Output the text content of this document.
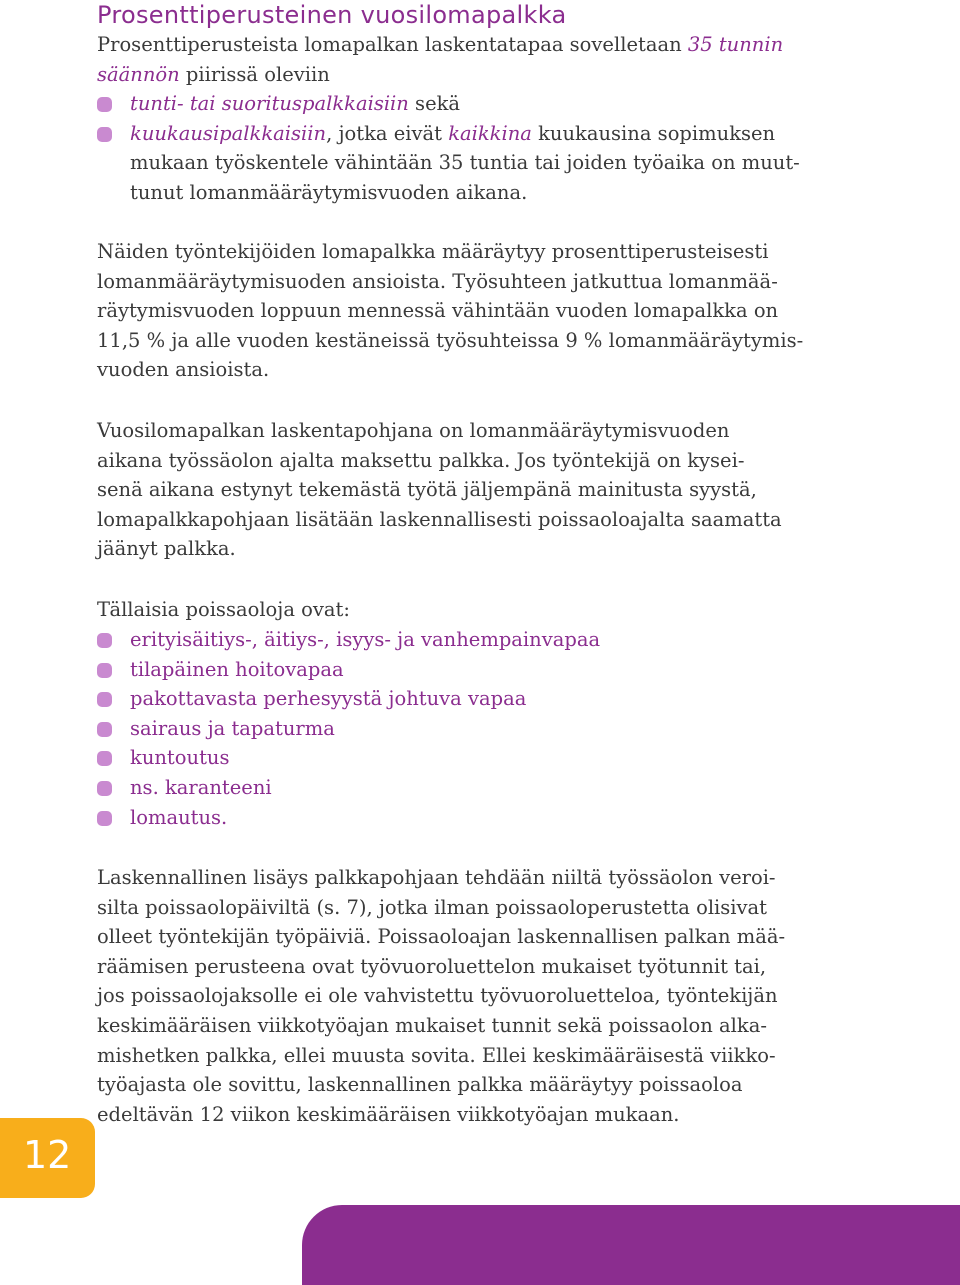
Prosenttiperusteinen vuosilomapalkka

Prosenttiperusteista lomapalkan laskentatapaa sovelletaan 35 tunnin
säännön piirissä oleviin

tunti- tai suorituspalkkaisiin sekä
kuukausipalkkaisiin, jotka eivät kaikkina kuukausina sopimuksen
mukaan työskentele vähintään 35 tuntia tai joiden työaika on muut-
tunut lomanmääräytymisvuoden aikana.

Näiden työntekijöiden lomapalkka määräytyy prosenttiperusteisesti
lomanmääräytymisuoden ansioista. Työsuhteen jatkuttua lomanmää-
räytymisvuoden loppuun mennessä vähintään vuoden lomapalkka on
11,5 % ja alle vuoden kestäneissä työsuhteissa 9 % lomanmääräytymis-
vuoden ansioista.

Vuosilomapalkan laskentapohjana on lomanmääräytymisvuoden
aikana työssäolon ajalta maksettu palkka. Jos työntekijä on kysei-
senä aikana estynyt tekemästä työtä jäljempänä mainitusta syystä,
lomapalkkapohjaan lisätään laskennallisesti poissaoloajalta saamatta
jäänyt palkka.

Tällaisia poissaoloja ovat:

erityisäitiys-, äitiys-, isyys- ja vanhempainvapaa
tilapäinen hoitovapaa
pakottavasta perhesyystä johtuva vapaa
sairaus ja tapaturma
kuntoutus
ns. karanteeni
lomautus.

Laskennallinen lisäys palkkapohjaan tehdään niiltä työssäolon veroi-
silta poissaolopäiviltä (s. 7), jotka ilman poissaoloperustetta olisivat
olleet työntekijän työpäiviä. Poissaoloajan laskennallisen palkan mää-
räämisen perusteena ovat työvuoroluettelon mukaiset työtunnit tai,
jos poissaolojaksolle ei ole vahvistettu työvuoroluetteloa, työntekijän
keskimääräisen viikkotyöajan mukaiset tunnit sekä poissaolon alka-
mishetken palkka, ellei muusta sovita. Ellei keskimääräisestä viikko-
työajasta ole sovittu, laskennallinen palkka määräytyy poissaoloa
edeltävän 12 viikon keskimääräisen viikkotyöajan mukaan.

12
